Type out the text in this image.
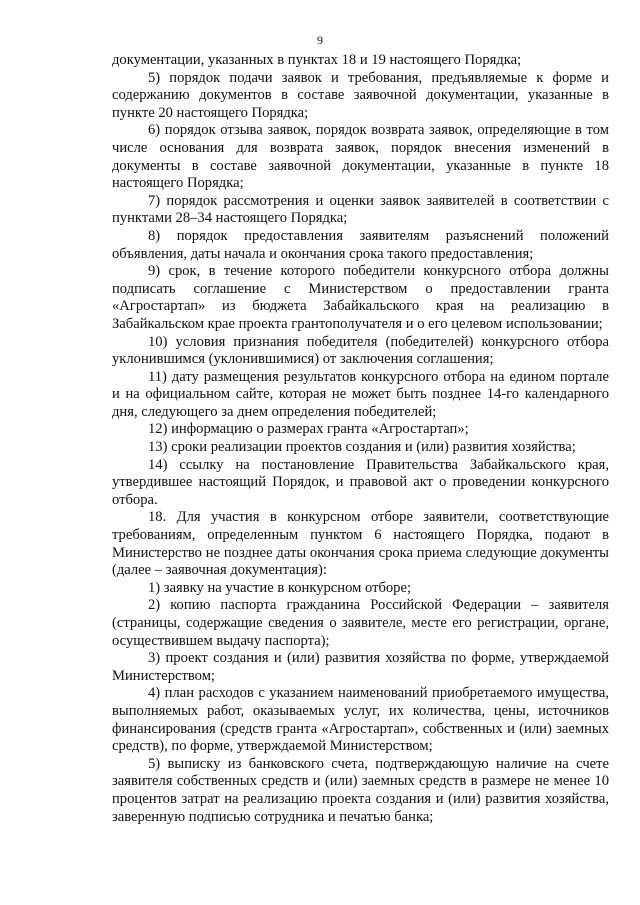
9

документации, указанных в пунктах 18 и 19 настоящего Порядка;

5) порядок подачи заявок и требования, предъявляемые к форме и содержанию документов в составе заявочной документации, указанные в пункте 20 настоящего Порядка;

6) порядок отзыва заявок, порядок возврата заявок, определяющие в том числе основания для возврата заявок, порядок внесения изменений в документы в составе заявочной документации, указанные в пункте 18 настоящего Порядка;

7) порядок рассмотрения и оценки заявок заявителей в соответствии с пунктами 28–34 настоящего Порядка;

8) порядок предоставления заявителям разъяснений положений объявления, даты начала и окончания срока такого предоставления;

9) срок, в течение которого победители конкурсного отбора должны подписать соглашение с Министерством о предоставлении гранта «Агростартап» из бюджета Забайкальского края на реализацию в Забайкальском крае проекта грантополучателя и о его целевом использовании;

10) условия признания победителя (победителей) конкурсного отбора уклонившимся (уклонившимися) от заключения соглашения;

11) дату размещения результатов конкурсного отбора на едином портале и на официальном сайте, которая не может быть позднее 14-го календарного дня, следующего за днем определения победителей;

12) информацию о размерах гранта «Агростартап»;

13) сроки реализации проектов создания и (или) развития хозяйства;

14) ссылку на постановление Правительства Забайкальского края, утвердившее настоящий Порядок, и правовой акт о проведении конкурсного отбора.

18. Для участия в конкурсном отборе заявители, соответствующие требованиям, определенным пунктом 6 настоящего Порядка, подают в Министерство не позднее даты окончания срока приема следующие документы (далее – заявочная документация):

1) заявку на участие в конкурсном отборе;

2) копию паспорта гражданина Российской Федерации – заявителя (страницы, содержащие сведения о заявителе, месте его регистрации, органе, осуществившем выдачу паспорта);

3) проект создания и (или) развития хозяйства по форме, утверждаемой Министерством;

4) план расходов с указанием наименований приобретаемого имущества, выполняемых работ, оказываемых услуг, их количества, цены, источников финансирования (средств гранта «Агростартап», собственных и (или) заемных средств), по форме, утверждаемой Министерством;

5) выписку из банковского счета, подтверждающую наличие на счете заявителя собственных средств и (или) заемных средств в размере не менее 10 процентов затрат на реализацию проекта создания и (или) развития хозяйства, заверенную подписью сотрудника и печатью банка;
